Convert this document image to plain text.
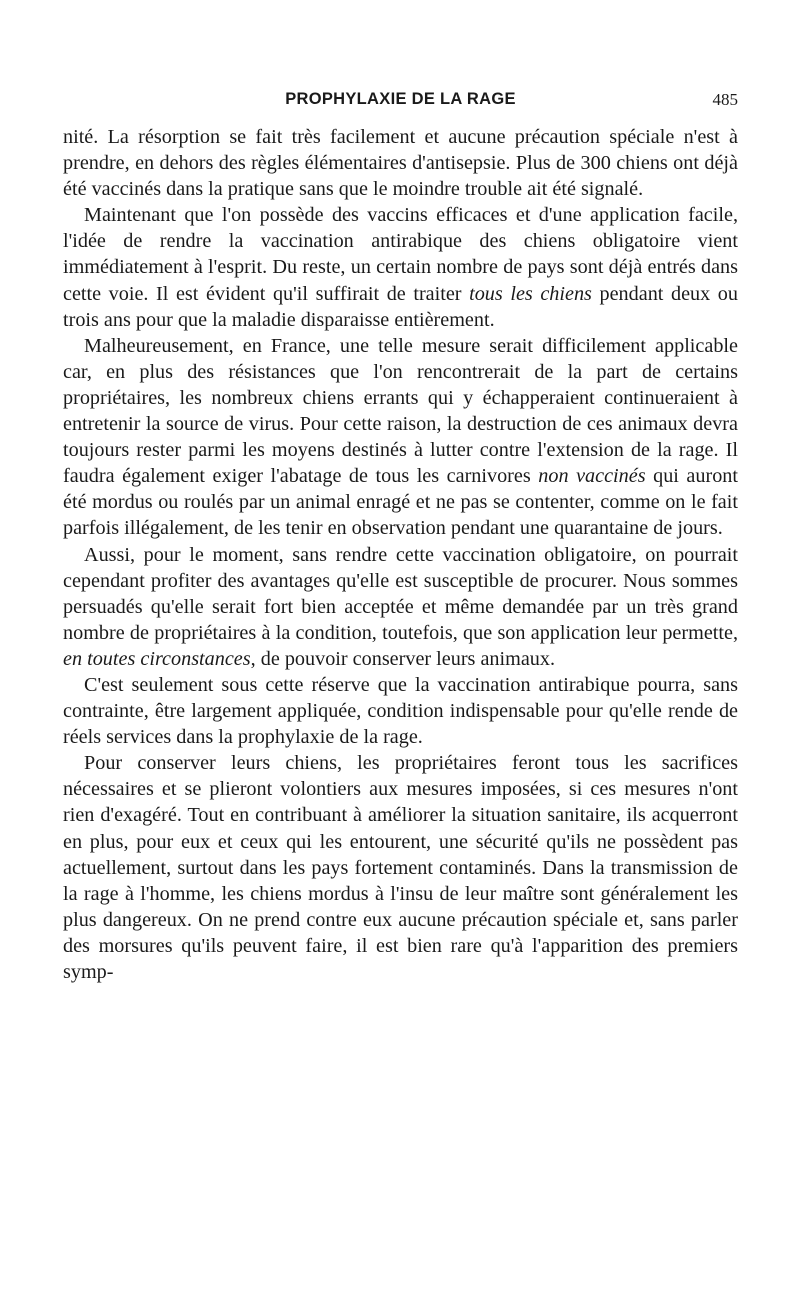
PROPHYLAXIE DE LA RAGE	485

nité. La résorption se fait très facilement et aucune précaution spéciale n'est à prendre, en dehors des règles élémentaires d'antisepsie. Plus de 300 chiens ont déjà été vaccinés dans la pratique sans que le moindre trouble ait été signalé.

Maintenant que l'on possède des vaccins efficaces et d'une application facile, l'idée de rendre la vaccination antirabique des chiens obligatoire vient immédiatement à l'esprit. Du reste, un certain nombre de pays sont déjà entrés dans cette voie. Il est évident qu'il suffirait de traiter tous les chiens pendant deux ou trois ans pour que la maladie disparaisse entièrement.

Malheureusement, en France, une telle mesure serait difficilement applicable car, en plus des résistances que l'on rencontrerait de la part de certains propriétaires, les nombreux chiens errants qui y échapperaient continueraient à entretenir la source de virus. Pour cette raison, la destruction de ces animaux devra toujours rester parmi les moyens destinés à lutter contre l'extension de la rage. Il faudra également exiger l'abatage de tous les carnivores non vaccinés qui auront été mordus ou roulés par un animal enragé et ne pas se contenter, comme on le fait parfois illégalement, de les tenir en observation pendant une quarantaine de jours.

Aussi, pour le moment, sans rendre cette vaccination obligatoire, on pourrait cependant profiter des avantages qu'elle est susceptible de procurer. Nous sommes persuadés qu'elle serait fort bien acceptée et même demandée par un très grand nombre de propriétaires à la condition, toutefois, que son application leur permette, en toutes circonstances, de pouvoir conserver leurs animaux.

C'est seulement sous cette réserve que la vaccination antirabique pourra, sans contrainte, être largement appliquée, condition indispensable pour qu'elle rende de réels services dans la prophylaxie de la rage.

Pour conserver leurs chiens, les propriétaires feront tous les sacrifices nécessaires et se plieront volontiers aux mesures imposées, si ces mesures n'ont rien d'exagéré. Tout en contribuant à améliorer la situation sanitaire, ils acquerront en plus, pour eux et ceux qui les entourent, une sécurité qu'ils ne possèdent pas actuellement, surtout dans les pays fortement contaminés. Dans la transmission de la rage à l'homme, les chiens mordus à l'insu de leur maître sont généralement les plus dangereux. On ne prend contre eux aucune précaution spéciale et, sans parler des morsures qu'ils peuvent faire, il est bien rare qu'à l'apparition des premiers symp-
